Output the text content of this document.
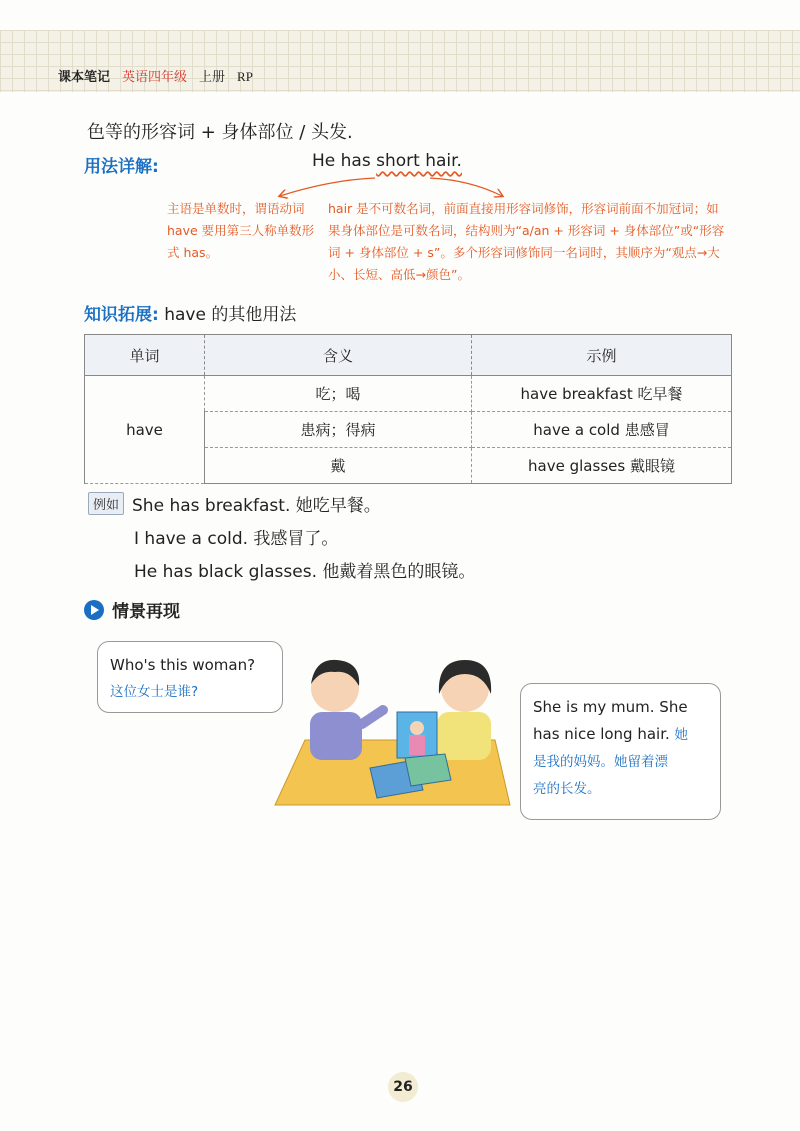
课本笔记 英语四年级 上册 RP
色等的形容词 + 身体部位 / 头发.
用法详解:	He has short hair.
主语是单数时，谓语动词 have 要用第三人称单数形式 has。
hair 是不可数名词，前面直接用形容词修饰，形容词前面不加冠词；如果身体部位是可数名词，结构则为“a/an + 形容词 + 身体部位”或“形容词 + 身体部位 + s”。多个形容词修饰同一名词时，其顺序为“观点→大小、长短、高低→颜色”。
知识拓展: have 的其他用法
单词	含义	示例
have	吃；喝	have breakfast 吃早餐
	患病；得病	have a cold 患感冒
	戴	have glasses 戴眼镜
例如 She has breakfast. 她吃早餐。
I have a cold. 我感冒了。
He has black glasses. 他戴着黑色的眼镜。
情景再现
Who's this woman?
这位女士是谁?
She is my mum. She
has nice long hair. 她
是我的妈妈。她留着漂
亮的长发。
26
